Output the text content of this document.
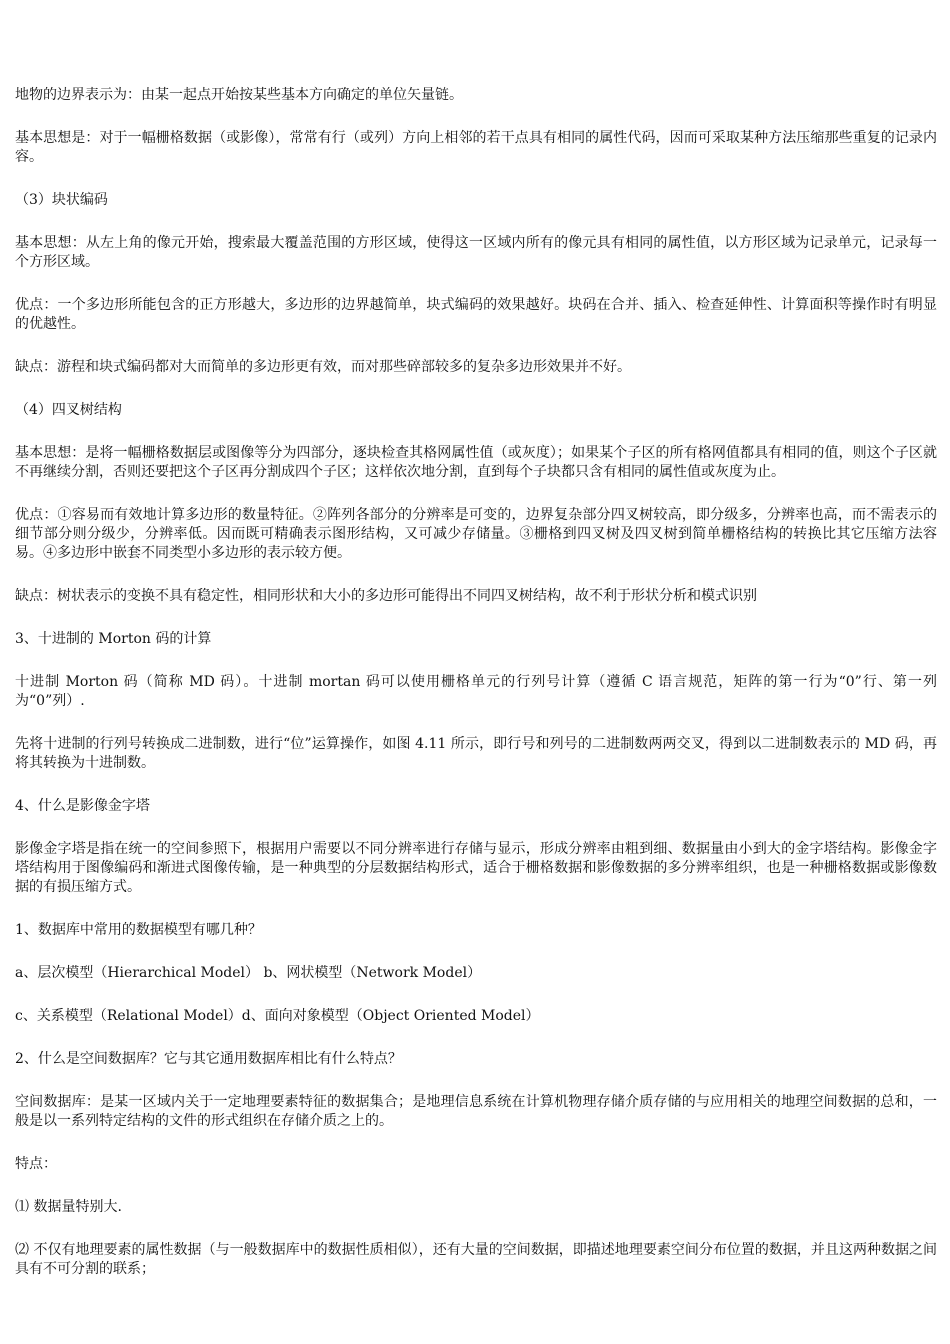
地物的边界表示为：由某一起点开始按某些基本方向确定的单位矢量链。

基本思想是：对于一幅栅格数据（或影像），常常有行（或列）方向上相邻的若干点具有相同的属性代码，因而可采取某种方法压缩那些重复的记录内容。

（3）块状编码

基本思想：从左上角的像元开始，搜索最大覆盖范围的方形区域，使得这一区域内所有的像元具有相同的属性值，以方形区域为记录单元，记录每一个方形区域。

优点：一个多边形所能包含的正方形越大，多边形的边界越简单，块式编码的效果越好。块码在合并、插入、检查延伸性、计算面积等操作时有明显的优越性。

缺点：游程和块式编码都对大而简单的多边形更有效，而对那些碎部较多的复杂多边形效果并不好。

（4）四叉树结构

基本思想：是将一幅栅格数据层或图像等分为四部分，逐块检查其格网属性值（或灰度）；如果某个子区的所有格网值都具有相同的值，则这个子区就不再继续分割，否则还要把这个子区再分割成四个子区；这样依次地分割，直到每个子块都只含有相同的属性值或灰度为止。

优点：①容易而有效地计算多边形的数量特征。②阵列各部分的分辨率是可变的，边界复杂部分四叉树较高，即分级多，分辨率也高，而不需表示的细节部分则分级少，分辨率低。因而既可精确表示图形结构，又可减少存储量。③栅格到四叉树及四叉树到简单栅格结构的转换比其它压缩方法容易。④多边形中嵌套不同类型小多边形的表示较方便。

缺点：树状表示的变换不具有稳定性，相同形状和大小的多边形可能得出不同四叉树结构，故不利于形状分析和模式识别

3、十进制的 Morton 码的计算

十进制 Morton 码（简称 MD 码）。十进制 mortan 码可以使用栅格单元的行列号计算（遵循 C 语言规范，矩阵的第一行为“0”行、第一列为“0”列）.

先将十进制的行列号转换成二进制数，进行“位”运算操作，如图 4.11 所示，即行号和列号的二进制数两两交叉，得到以二进制数表示的 MD 码，再将其转换为十进制数。

4、什么是影像金字塔

影像金字塔是指在统一的空间参照下，根据用户需要以不同分辨率进行存储与显示，形成分辨率由粗到细、数据量由小到大的金字塔结构。影像金字塔结构用于图像编码和渐进式图像传输，是一种典型的分层数据结构形式，适合于栅格数据和影像数据的多分辨率组织，也是一种栅格数据或影像数据的有损压缩方式。

1、数据库中常用的数据模型有哪几种？

a、层次模型（Hierarchical Model） b、网状模型（Network Model）

c、关系模型（Relational Model）d、面向对象模型（Object Oriented Model）

2、什么是空间数据库？它与其它通用数据库相比有什么特点？

空间数据库：是某一区域内关于一定地理要素特征的数据集合；是地理信息系统在计算机物理存储介质存储的与应用相关的地理空间数据的总和，一般是以一系列特定结构的文件的形式组织在存储介质之上的。

特点：

⑴ 数据量特别大.

⑵ 不仅有地理要素的属性数据（与一般数据库中的数据性质相似），还有大量的空间数据，即描述地理要素空间分布位置的数据，并且这两种数据之间具有不可分割的联系；
